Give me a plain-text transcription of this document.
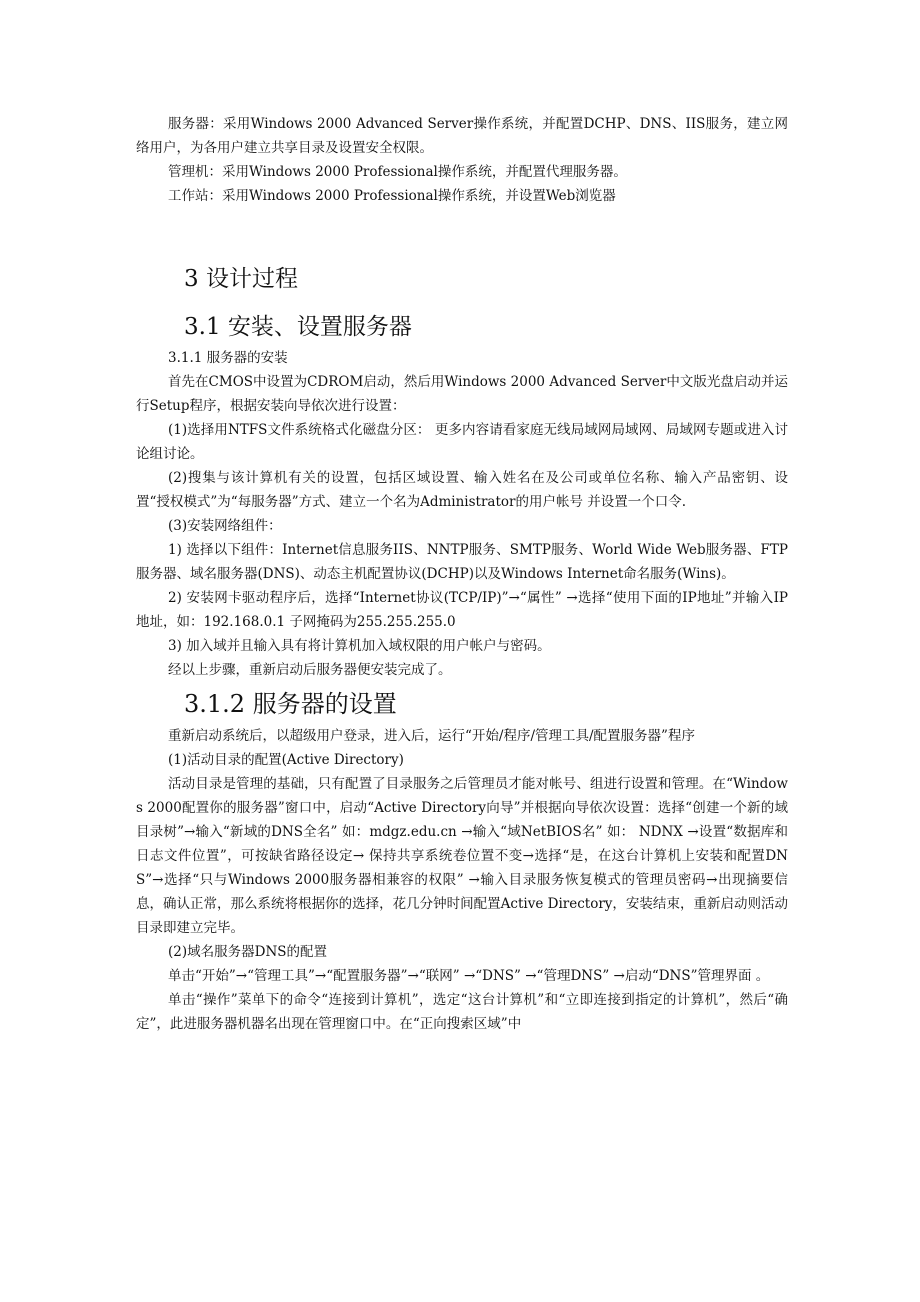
服务器：采用Windows 2000 Advanced Server操作系统，并配置DCHP、DNS、IIS服务，建立网络用户，为各用户建立共享目录及设置安全权限。

管理机：采用Windows 2000 Professional操作系统，并配置代理服务器。

工作站：采用Windows 2000 Professional操作系统，并设置Web浏览器

3 设计过程
3.1 安装、设置服务器

3.1.1 服务器的安装

首先在CMOS中设置为CDROM启动，然后用Windows 2000 Advanced Server中文版光盘启动并运行Setup程序，根据安装向导依次进行设置：

(1)选择用NTFS文件系统格式化磁盘分区： 更多内容请看家庭无线局域网局域网、局域网专题或进入讨论组讨论。

(2)搜集与该计算机有关的设置，包括区域设置、输入姓名在及公司或单位名称、输入产品密钥、设置“授权模式”为“每服务器”方式、建立一个名为Administrator的用户帐号 并设置一个口令.

(3)安装网络组件：

1) 选择以下组件：Internet信息服务IIS、NNTP服务、SMTP服务、World Wide Web服务器、FTP服务器、域名服务器(DNS)、动态主机配置协议(DCHP)以及Windows Internet命名服务(Wins)。

2) 安装网卡驱动程序后，选择“Internet协议(TCP/IP)”→“属性” →选择“使用下面的IP地址”并输入IP地址，如：192.168.0.1 子网掩码为255.255.255.0

3) 加入域并且输入具有将计算机加入域权限的用户帐户与密码。

经以上步骤，重新启动后服务器便安装完成了。

3.1.2 服务器的设置

重新启动系统后，以超级用户登录，进入后，运行“开始/程序/管理工具/配置服务器”程序

(1)活动目录的配置(Active Directory)

活动目录是管理的基础，只有配置了目录服务之后管理员才能对帐号、组进行设置和管理。在“Windows 2000配置你的服务器”窗口中，启动“Active Directory向导”并根据向导依次设置：选择“创建一个新的域目录树”→输入“新域的DNS全名” 如：mdgz.edu.cn →输入“域NetBIOS名” 如： NDNX →设置“数据库和日志文件位置”，可按缺省路径设定→ 保持共享系统卷位置不变→选择“是，在这台计算机上安装和配置DNS”→选择“只与Windows 2000服务器相兼容的权限” →输入目录服务恢复模式的管理员密码→出现摘要信息，确认正常，那么系统将根据你的选择，花几分钟时间配置Active Directory，安装结束，重新启动则活动目录即建立完毕。

(2)域名服务器DNS的配置

单击“开始”→“管理工具”→“配置服务器”→“联网” →“DNS” →“管理DNS” →启动“DNS”管理界面 。

单击“操作”菜单下的命令“连接到计算机”，选定“这台计算机”和“立即连接到指定的计算机”，然后“确定”，此进服务器机器名出现在管理窗口中。在“正向搜索区域”中
